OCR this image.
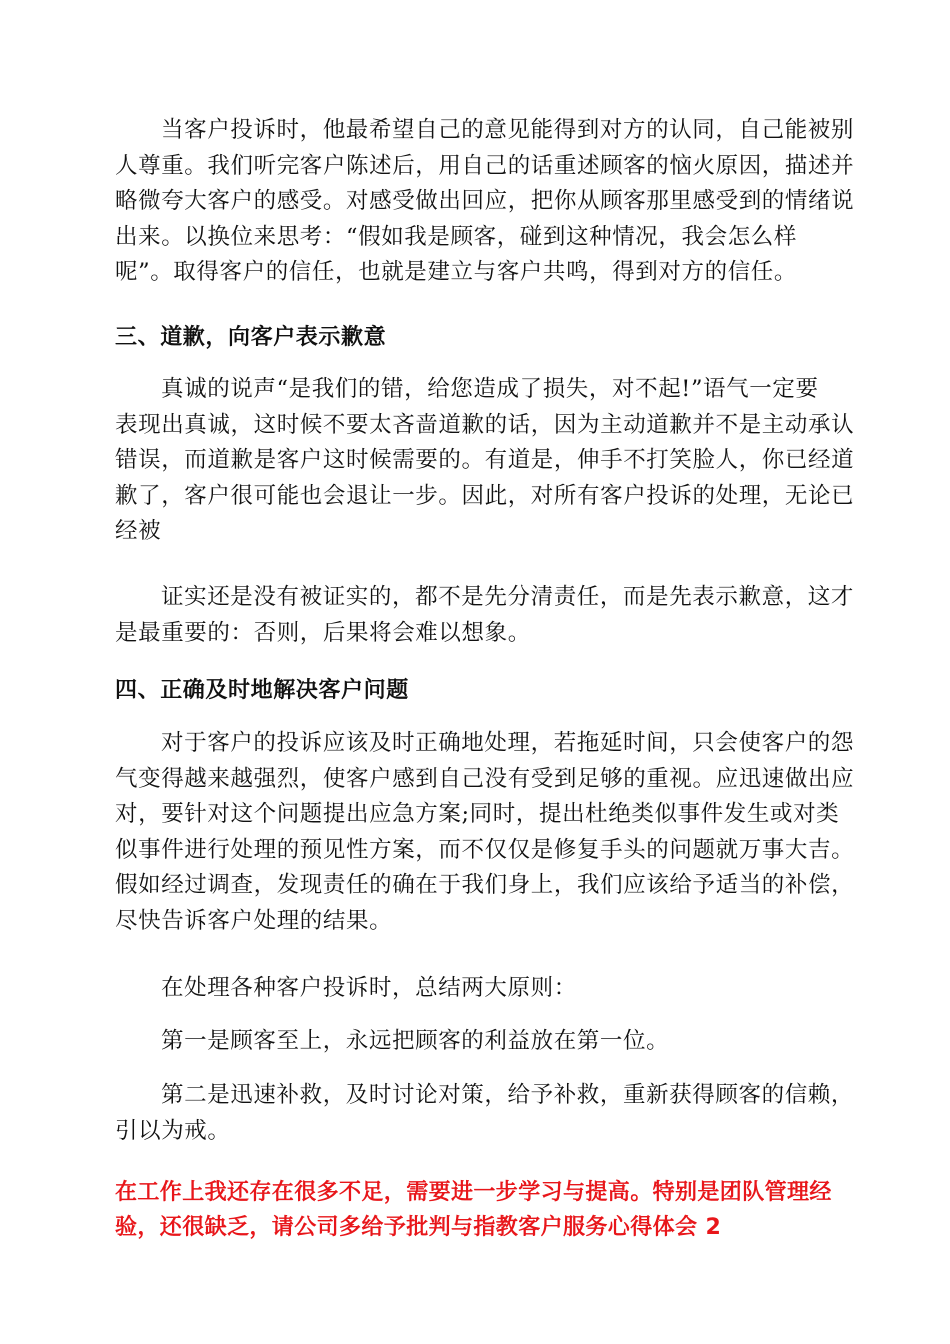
当客户投诉时，他最希望自己的意见能得到对方的认同，自己能被别
人尊重。我们听完客户陈述后，用自己的话重述顾客的恼火原因，描述并
略微夸大客户的感受。对感受做出回应，把你从顾客那里感受到的情绪说
出来。以换位来思考：“假如我是顾客，碰到这种情况，我会怎么样
呢”。取得客户的信任，也就是建立与客户共鸣，得到对方的信任。
三、道歉，向客户表示歉意
真诚的说声“是我们的错，给您造成了损失，对不起!”语气一定要
表现出真诚，这时候不要太吝啬道歉的话，因为主动道歉并不是主动承认
错误，而道歉是客户这时候需要的。有道是，伸手不打笑脸人，你已经道
歉了，客户很可能也会退让一步。因此，对所有客户投诉的处理，无论已
经被
证实还是没有被证实的，都不是先分清责任，而是先表示歉意，这才
是最重要的：否则，后果将会难以想象。
四、正确及时地解决客户问题
对于客户的投诉应该及时正确地处理，若拖延时间，只会使客户的怨
气变得越来越强烈，使客户感到自己没有受到足够的重视。应迅速做出应
对，要针对这个问题提出应急方案;同时，提出杜绝类似事件发生或对类
似事件进行处理的预见性方案，而不仅仅是修复手头的问题就万事大吉。
假如经过调查，发现责任的确在于我们身上，我们应该给予适当的补偿，
尽快告诉客户处理的结果。
在处理各种客户投诉时，总结两大原则：
第一是顾客至上，永远把顾客的利益放在第一位。
第二是迅速补救，及时讨论对策，给予补救，重新获得顾客的信赖，
引以为戒。
在工作上我还存在很多不足，需要进一步学习与提高。特别是团队管理经
验，还很缺乏，请公司多给予批判与指教客户服务心得体会 2
